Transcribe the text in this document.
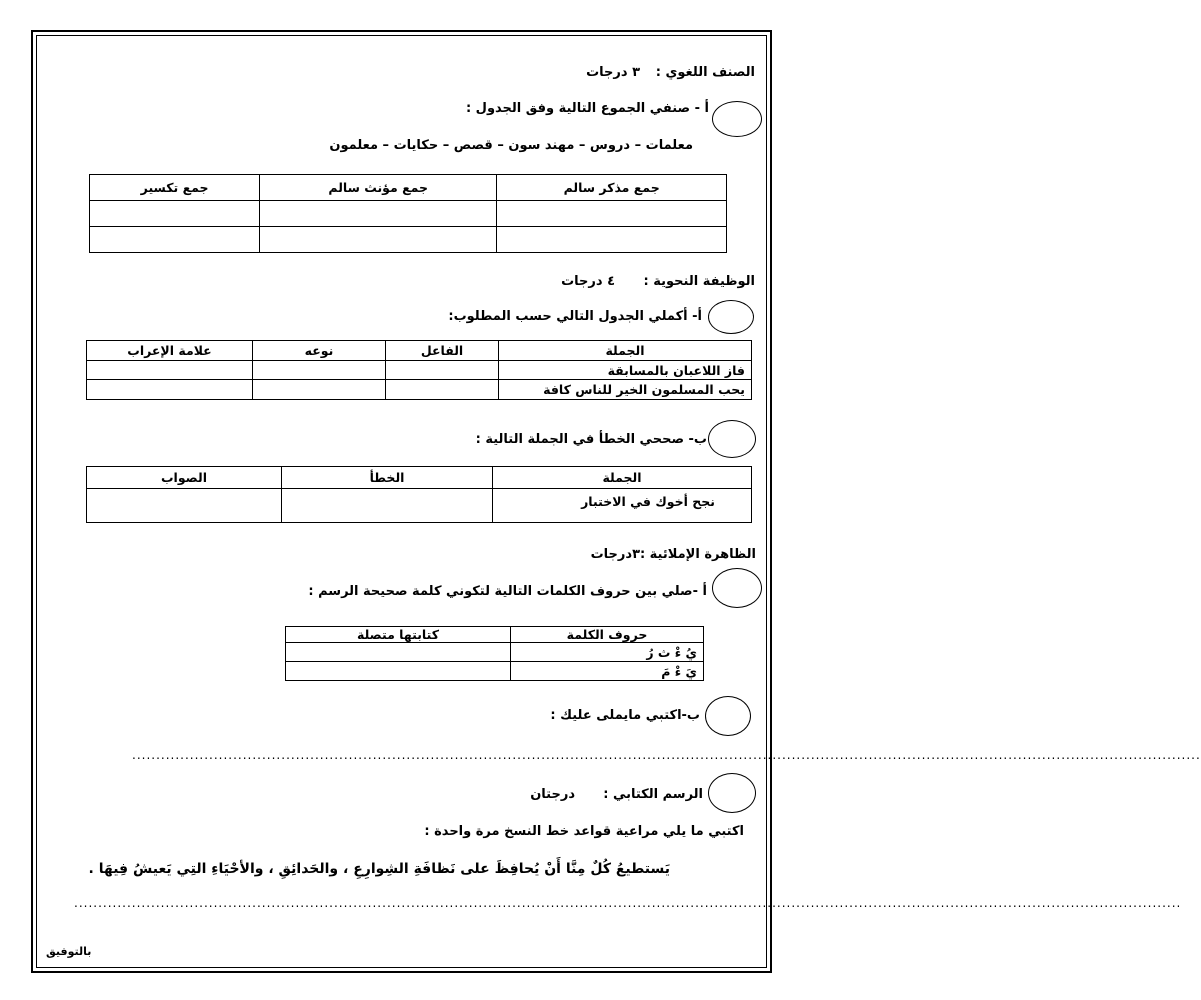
الصنف اللغوي :
٣ درجات
أ - صنفي الجموع التالية وفق الجدول :
معلمات – دروس – مهند سون – قصص – حكايات – معلمون
جمع مذكر سالم	جمع مؤنث سالم	جمع تكسير

الوظيفة النحوية :
٤ درجات
أ- أكملي الجدول التالي حسب المطلوب:
الجملة	الفاعل	نوعه	علامة الإعراب
فاز اللاعبان بالمسابقة			
يحب المسلمون الخير للناس كافة			
ب- صححي الخطأ في الجملة التالية :
الجملة	الخطأ	الصواب
نجح أخوك في الاختبار		
الظاهرة الإملائية :
٣درجات
أ -صلي بين حروف الكلمات التالية لتكوني كلمة صحيحة الرسم :
حروف الكلمة	كتابتها متصلة
يُ ءْ ث رُ	
يَ ءْ مَ	
ب-اكتبي مايملى عليك :
..............................................................................................................................................................................................................................
الرسم الكتابي :
درجتان
اكتبي ما يلي مراعية قواعد خط النسخ مرة واحدة :
يَستطيعُ كُلٌ مِنَّا أَنْ يُحافِظَ على نَظافَةِ الشِوارِعِ ، والحَدائِقِ ، والأحْيَاءِ التِي يَعيشُ فِيهَا .
......................................................................................................................................................................................................................................
بالتوفيق
